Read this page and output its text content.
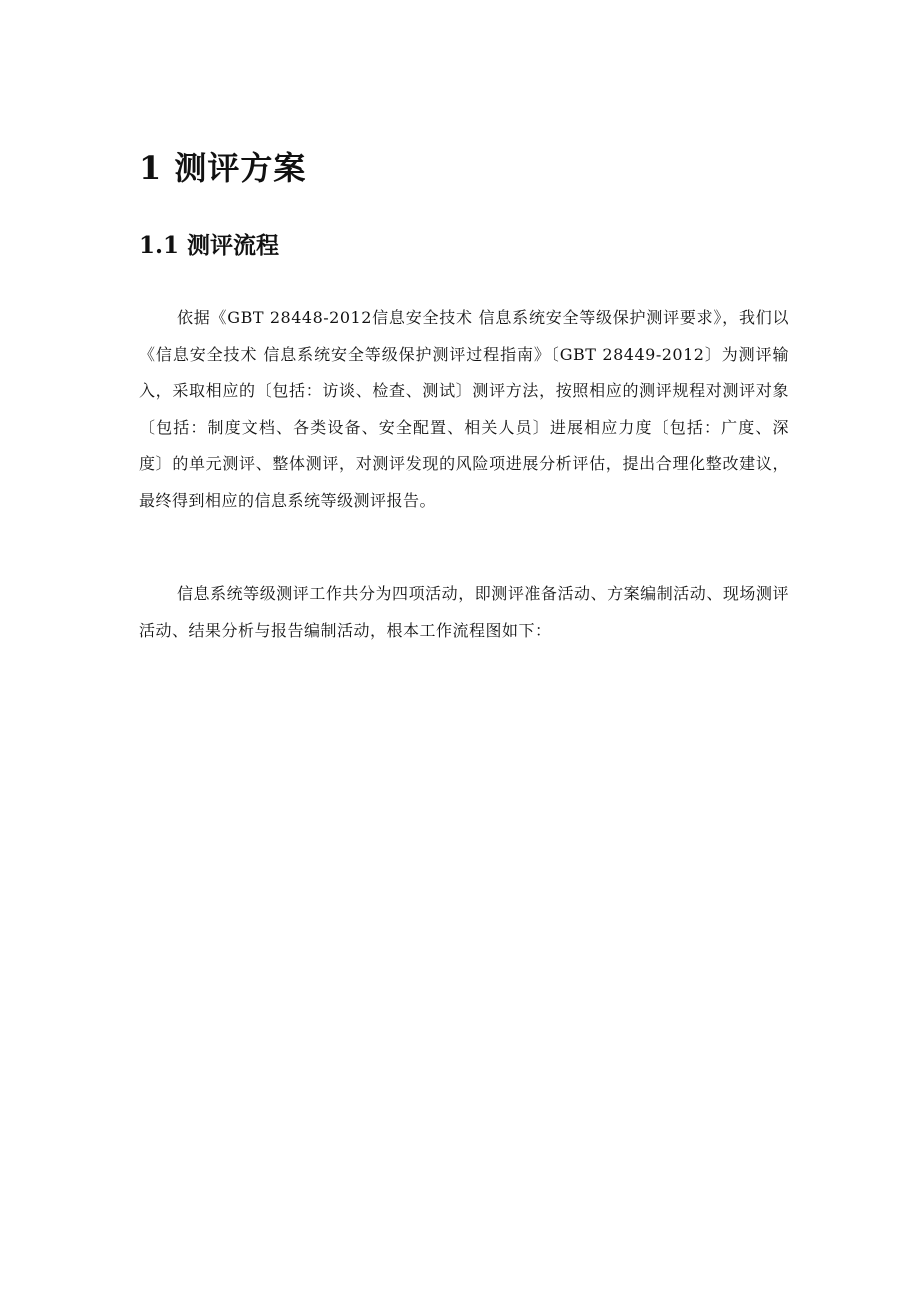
1 测评方案
1.1 测评流程

依据《GBT 28448-2012信息安全技术 信息系统安全等级保护测评要求》，我们以《信息安全技术 信息系统安全等级保护测评过程指南》〔GBT 28449-2012〕为测评输入，采取相应的〔包括：访谈、检查、测试〕测评方法，按照相应的测评规程对测评对象〔包括：制度文档、各类设备、安全配置、相关人员〕进展相应力度〔包括：广度、深度〕的单元测评、整体测评，对测评发现的风险项进展分析评估，提出合理化整改建议，最终得到相应的信息系统等级测评报告。

信息系统等级测评工作共分为四项活动，即测评准备活动、方案编制活动、现场测评活动、结果分析与报告编制活动，根本工作流程图如下：
